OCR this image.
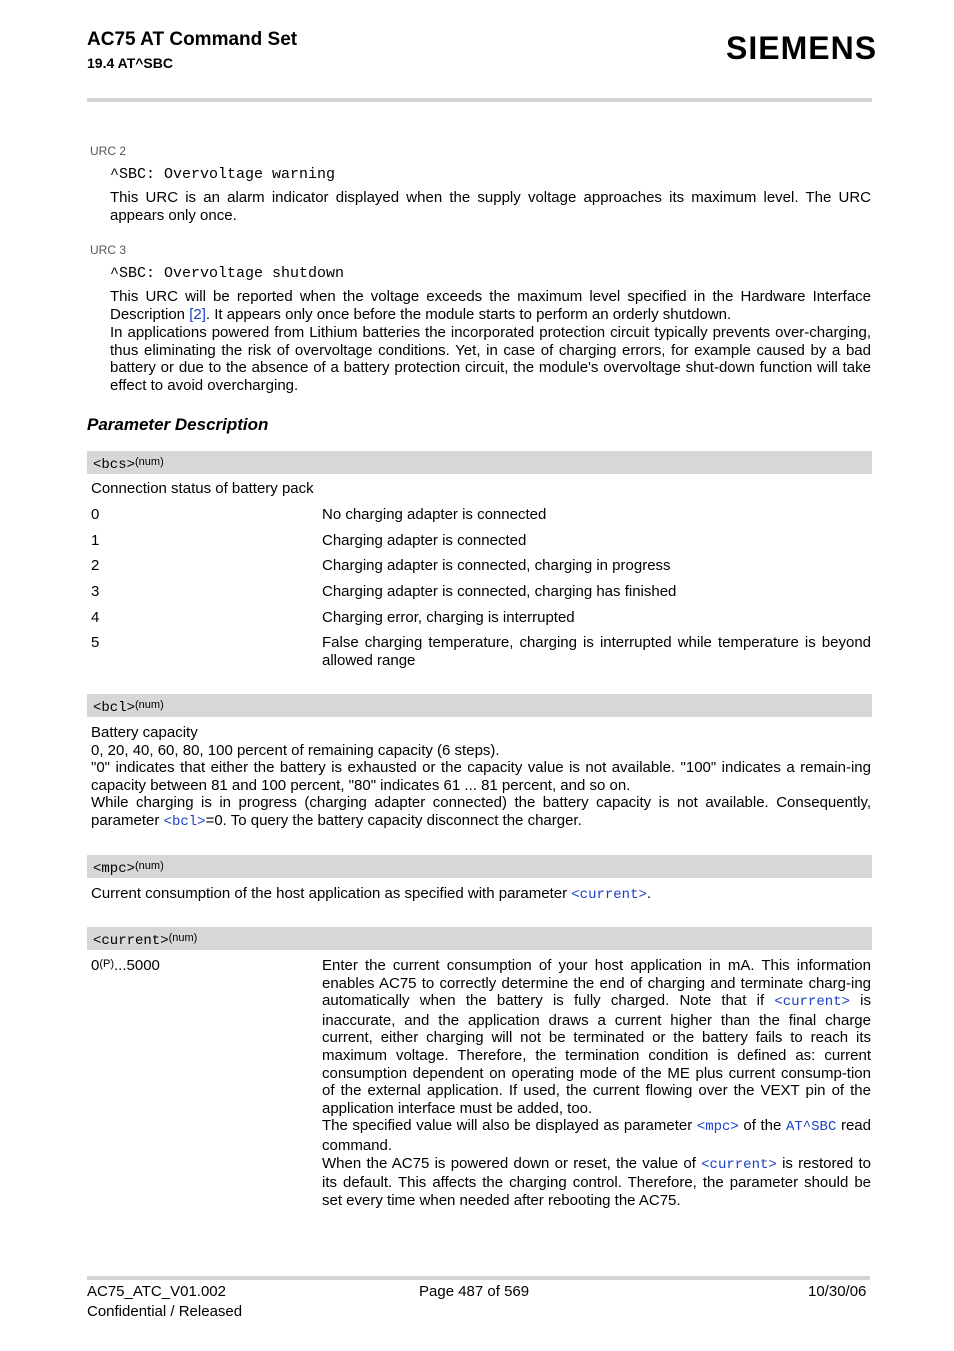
AC75 AT Command Set
19.4 AT^SBC	SIEMENS
URC 2
^SBC: Overvoltage warning
This URC is an alarm indicator displayed when the supply voltage approaches its maximum level. The URC appears only once.
URC 3
^SBC: Overvoltage shutdown
This URC will be reported when the voltage exceeds the maximum level specified in the Hardware Interface Description [2]. It appears only once before the module starts to perform an orderly shutdown.
In applications powered from Lithium batteries the incorporated protection circuit typically prevents over-charging, thus eliminating the risk of overvoltage conditions. Yet, in case of charging errors, for example caused by a bad battery or due to the absence of a battery protection circuit, the module's overvoltage shut-down function will take effect to avoid overcharging.
Parameter Description
<bcs>$^{(num)}$
Connection status of battery pack
0	No charging adapter is connected
1	Charging adapter is connected
2	Charging adapter is connected, charging in progress
3	Charging adapter is connected, charging has finished
4	Charging error, charging is interrupted
5	False charging temperature, charging is interrupted while temperature is beyond allowed range
<bcl>$^{(num)}$
Battery capacity
0, 20, 40, 60, 80, 100 percent of remaining capacity (6 steps).
"0" indicates that either the battery is exhausted or the capacity value is not available. "100" indicates a remain-ing capacity between 81 and 100 percent, "80" indicates 61 ... 81 percent, and so on.
While charging is in progress (charging adapter connected) the battery capacity is not available. Consequently, parameter <bcl>=0. To query the battery capacity disconnect the charger.
<mpc>$^{(num)}$
Current consumption of the host application as specified with parameter <current>.
<current>$^{(num)}$
$0^{(P)}...5000$	Enter the current consumption of your host application in mA. This information enables AC75 to correctly determine the end of charging and terminate charg-ing automatically when the battery is fully charged. Note that if <current> is inaccurate, and the application draws a current higher than the final charge current, either charging will not be terminated or the battery fails to reach its maximum voltage. Therefore, the termination condition is defined as: current consumption dependent on operating mode of the ME plus current consump-tion of the external application. If used, the current flowing over the VEXT pin of the application interface must be added, too.
The specified value will also be displayed as parameter <mpc> of the AT^SBC read command.
When the AC75 is powered down or reset, the value of <current> is restored to its default. This affects the charging control. Therefore, the parameter should be set every time when needed after rebooting the AC75.
AC75_ATC_V01.002
Confidential / Released
Page 487 of 569	10/30/06
